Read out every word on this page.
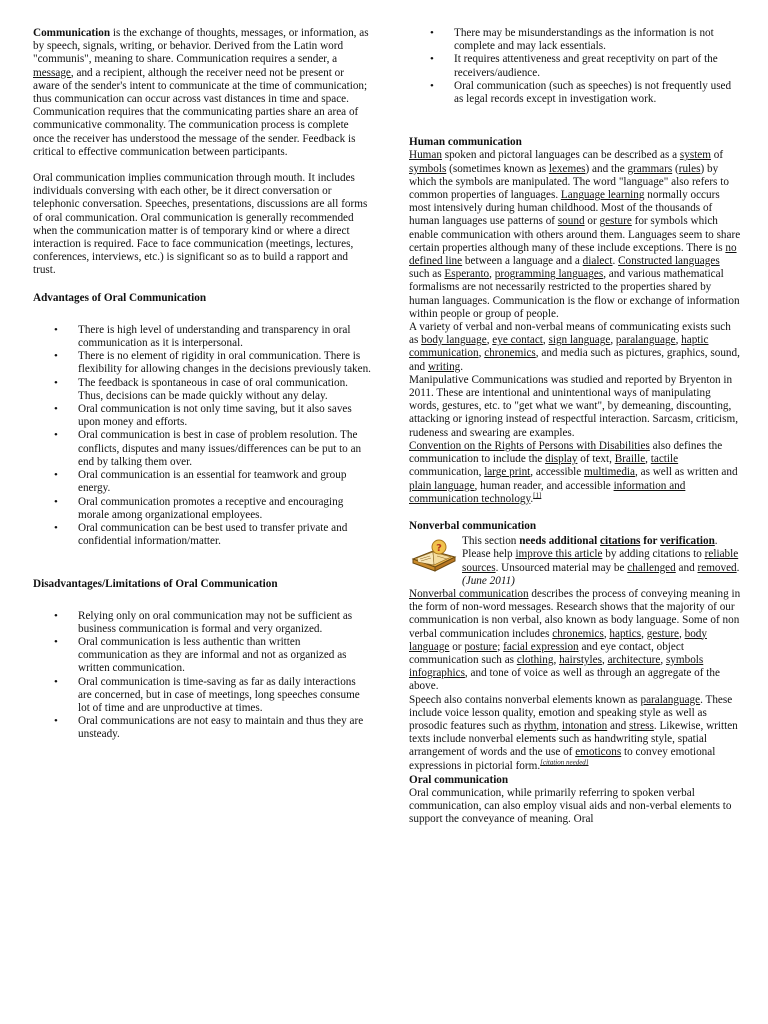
Communication is the exchange of thoughts, messages, or information, as by speech, signals, writing, or behavior. Derived from the Latin word "communis", meaning to share. Communication requires a sender, a message, and a recipient, although the receiver need not be present or aware of the sender's intent to communicate at the time of communication; thus communication can occur across vast distances in time and space. Communication requires that the communicating parties share an area of communicative commonality. The communication process is complete once the receiver has understood the message of the sender. Feedback is critical to effective communication between participants.

Oral communication implies communication through mouth. It includes individuals conversing with each other, be it direct conversation or telephonic conversation. Speeches, presentations, discussions are all forms of oral communication. Oral communication is generally recommended when the communication matter is of temporary kind or where a direct interaction is required. Face to face communication (meetings, lectures, conferences, interviews, etc.) is significant so as to build a rapport and trust.

Advantages of Oral Communication
• There is high level of understanding and transparency in oral communication as it is interpersonal.
• There is no element of rigidity in oral communication. There is flexibility for allowing changes in the decisions previously taken.
• The feedback is spontaneous in case of oral communication. Thus, decisions can be made quickly without any delay.
• Oral communication is not only time saving, but it also saves upon money and efforts.
• Oral communication is best in case of problem resolution. The conflicts, disputes and many issues/differences can be put to an end by talking them over.
• Oral communication is an essential for teamwork and group energy.
• Oral communication promotes a receptive and encouraging morale among organizational employees.
• Oral communication can be best used to transfer private and confidential information/matter.
Disadvantages/Limitations of Oral Communication
• Relying only on oral communication may not be sufficient as business communication is formal and very organized.
• Oral communication is less authentic than written communication as they are informal and not as organized as written communication.
• Oral communication is time-saving as far as daily interactions are concerned, but in case of meetings, long speeches consume lot of time and are unproductive at times.
• Oral communications are not easy to maintain and thus they are unsteady.
• There may be misunderstandings as the information is not complete and may lack essentials.
• It requires attentiveness and great receptivity on part of the receivers/audience.
• Oral communication (such as speeches) is not frequently used as legal records except in investigation work.
Human communication

Human spoken and pictoral languages can be described as a system of symbols (sometimes known as lexemes) and the grammars (rules) by which the symbols are manipulated. The word "language" also refers to common properties of languages. Language learning normally occurs most intensively during human childhood. Most of the thousands of human languages use patterns of sound or gesture for symbols which enable communication with others around them. Languages seem to share certain properties although many of these include exceptions. There is no defined line between a language and a dialect. Constructed languages such as Esperanto, programming languages, and various mathematical formalisms are not necessarily restricted to the properties shared by human languages. Communication is the flow or exchange of information within people or group of people.

A variety of verbal and non-verbal means of communicating exists such as body language, eye contact, sign language, paralanguage, haptic communication, chronemics, and media such as pictures, graphics, sound, and writing.

Manipulative Communications was studied and reported by Bryenton in 2011. These are intentional and unintentional ways of manipulating words, gestures, etc. to "get what we want", by demeaning, discounting, attacking or ignoring instead of respectful interaction. Sarcasm, criticism, rudeness and swearing are examples.

Convention on the Rights of Persons with Disabilities also defines the communication to include the display of text, Braille, tactile communication, large print, accessible multimedia, as well as written and plain language, human reader, and accessible information and communication technology.[1]

Nonverbal communication
?

This section needs additional citations for verification. Please help improve this article by adding citations to reliable sources. Unsourced material may be challenged and removed. (June 2011)

Nonverbal communication describes the process of conveying meaning in the form of non-word messages. Research shows that the majority of our communication is non verbal, also known as body language. Some of non verbal communication includes chronemics, haptics, gesture, body language or posture; facial expression and eye contact, object communication such as clothing, hairstyles, architecture, symbols infographics, and tone of voice as well as through an aggregate of the above.

Speech also contains nonverbal elements known as paralanguage. These include voice lesson quality, emotion and speaking style as well as prosodic features such as rhythm, intonation and stress. Likewise, written texts include nonverbal elements such as handwriting style, spatial arrangement of words and the use of emoticons to convey emotional expressions in pictorial form.[citation needed]

Oral communication

Oral communication, while primarily referring to spoken verbal communication, can also employ visual aids and non-verbal elements to support the conveyance of meaning. Oral
